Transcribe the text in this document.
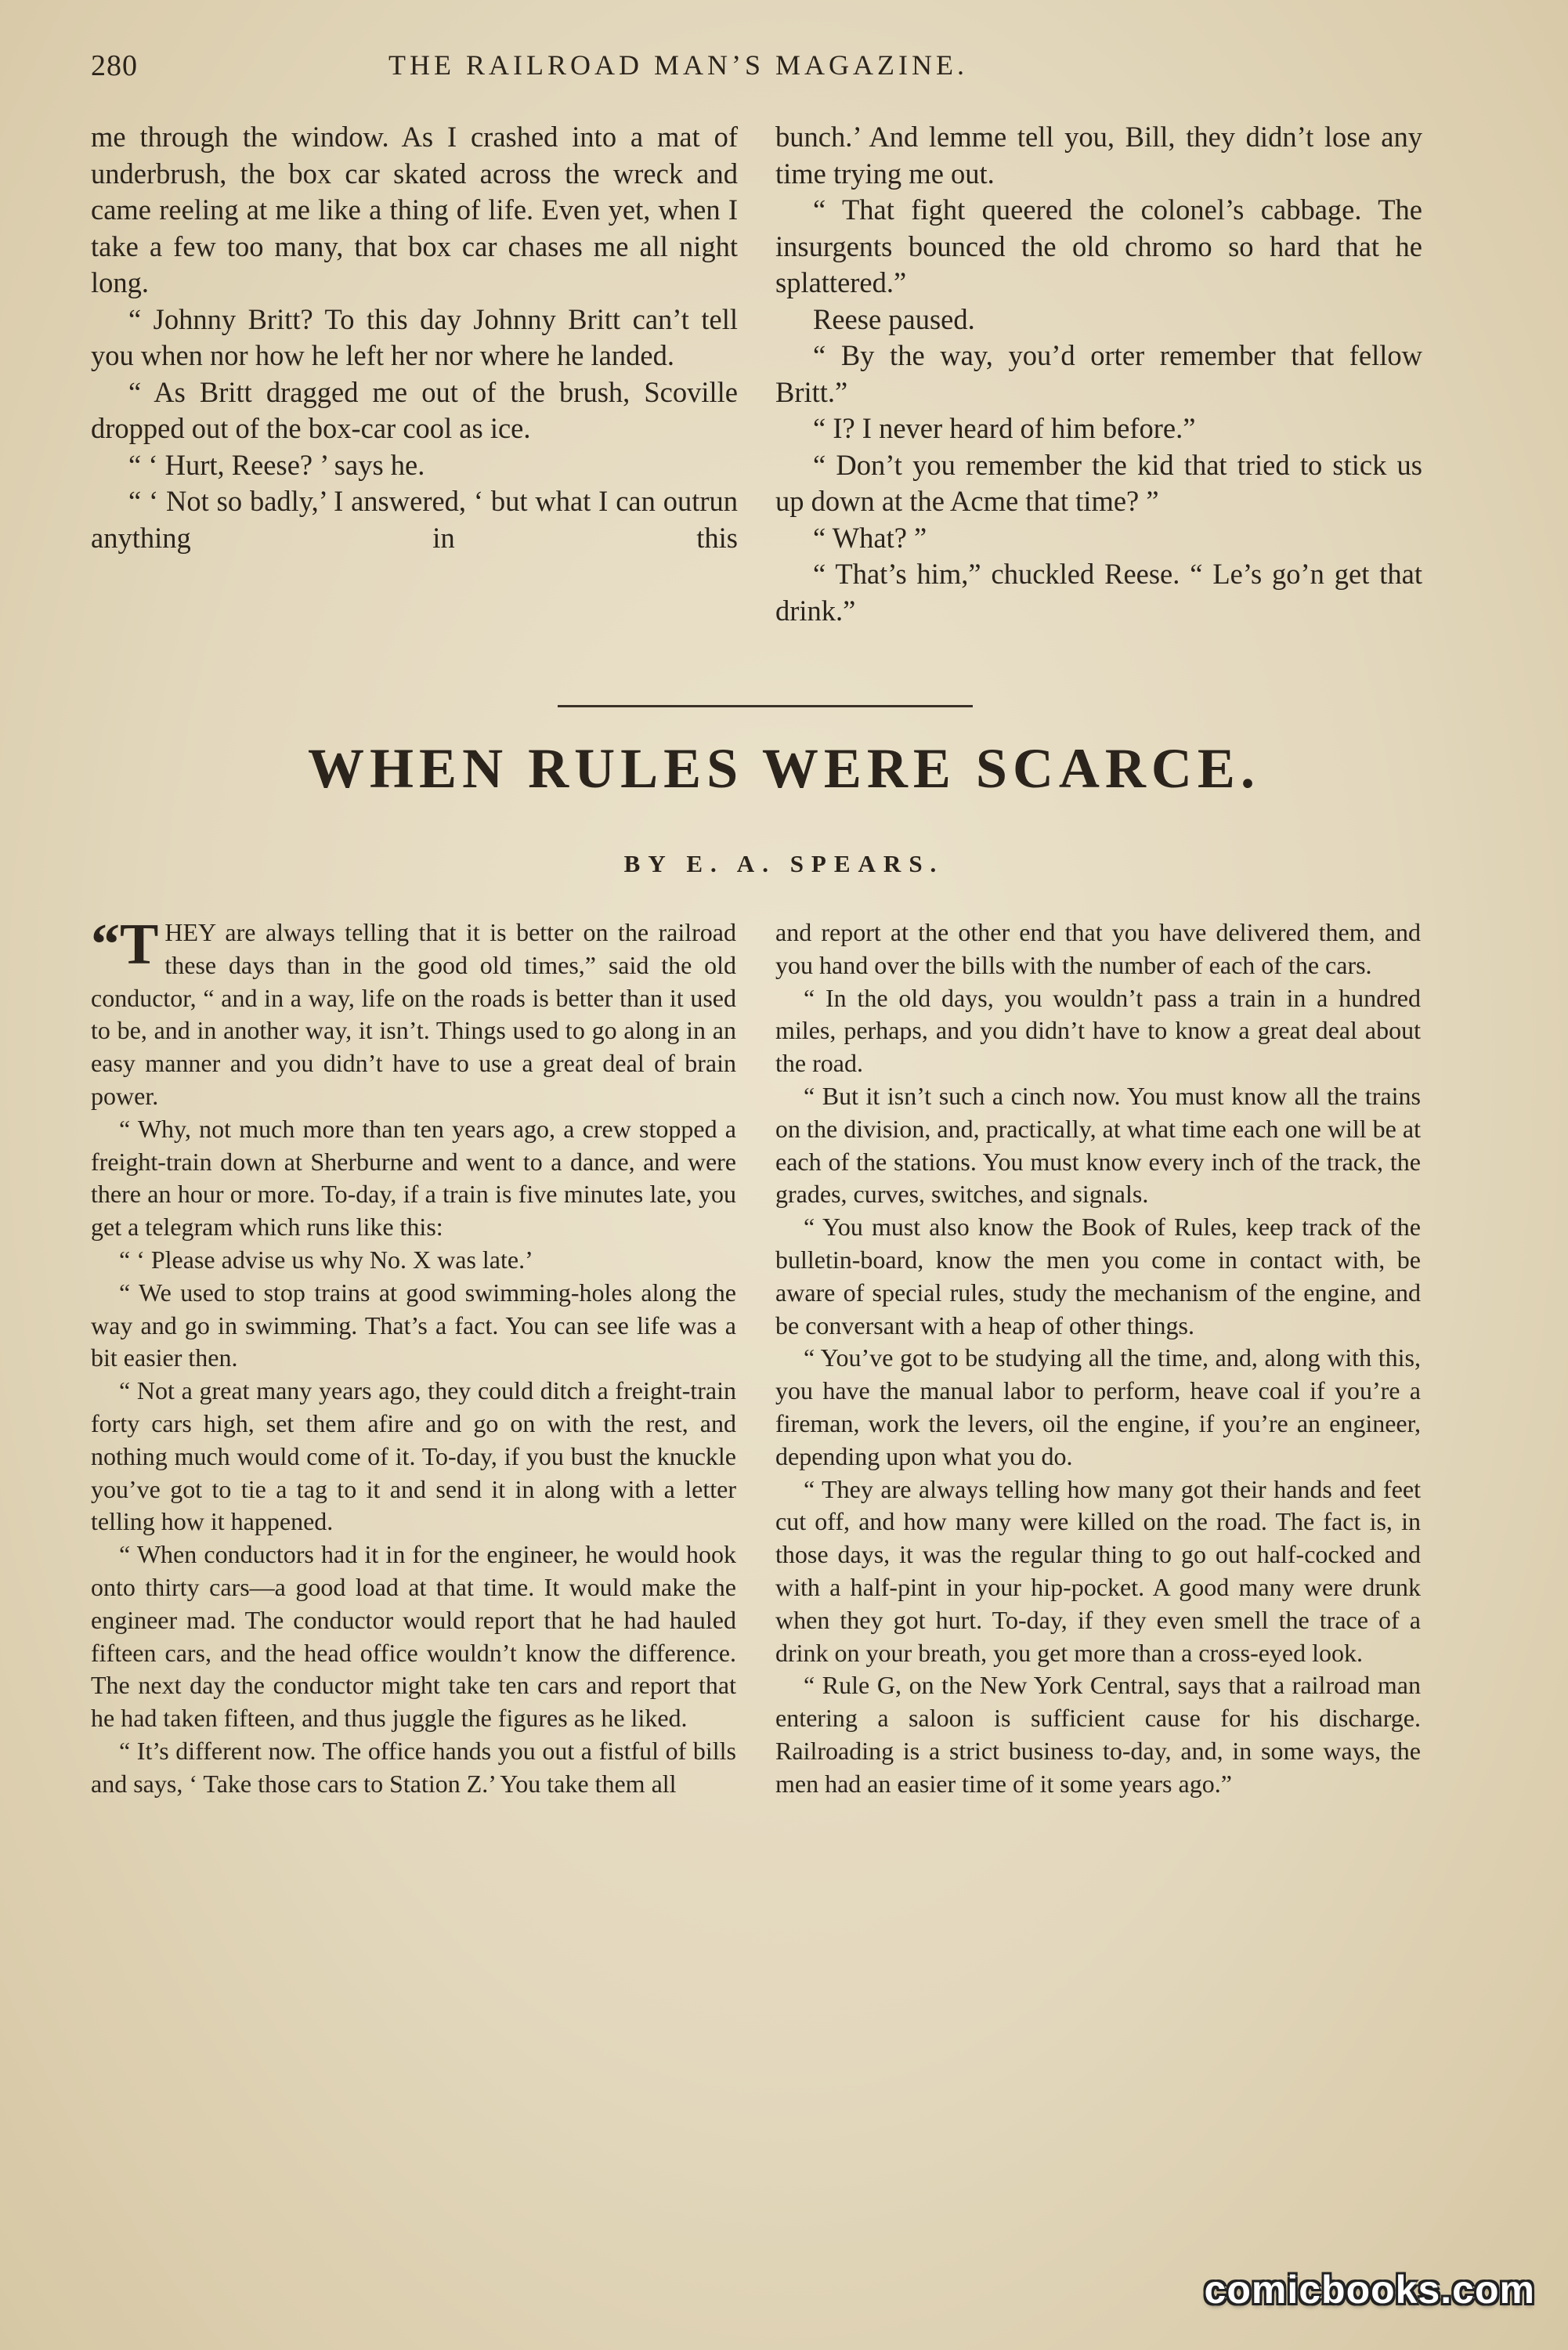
280	THE RAILROAD MAN’S MAGAZINE.

me through the window. As I crashed into a mat of underbrush, the box car skated across the wreck and came reeling at me like a thing of life. Even yet, when I take a few too many, that box car chases me all night long.

“ Johnny Britt? To this day Johnny Britt can’t tell you when nor how he left her nor where he landed.

“ As Britt dragged me out of the brush, Scoville dropped out of the box-car cool as ice.

“ ‘ Hurt, Reese? ’ says he.

“ ‘ Not so badly,’ I answered, ‘ but what I can outrun anything in this

bunch.’ And lemme tell you, Bill, they didn’t lose any time trying me out.

“ That fight queered the colonel’s cabbage. The insurgents bounced the old chromo so hard that he splattered.”

Reese paused.

“ By the way, you’d orter remember that fellow Britt.”

“ I? I never heard of him before.”

“ Don’t you remember the kid that tried to stick us up down at the Acme that time? ”

“ What? ”

“ That’s him,” chuckled Reese. “ Le’s go’n get that drink.”

WHEN RULES WERE SCARCE.
BY E. A. SPEARS.

“T HEY are always telling that it is better on the railroad these days than in the good old times,” said the old conductor, “ and in a way, life on the roads is better than it used to be, and in another way, it isn’t. Things used to go along in an easy manner and you didn’t have to use a great deal of brain power.

“ Why, not much more than ten years ago, a crew stopped a freight-train down at Sherburne and went to a dance, and were there an hour or more. To-day, if a train is five minutes late, you get a telegram which runs like this:

“ ‘ Please advise us why No. X was late.’

“ We used to stop trains at good swimming-holes along the way and go in swimming. That’s a fact. You can see life was a bit easier then.

“ Not a great many years ago, they could ditch a freight-train forty cars high, set them afire and go on with the rest, and nothing much would come of it. To-day, if you bust the knuckle you’ve got to tie a tag to it and send it in along with a letter telling how it happened.

“ When conductors had it in for the engineer, he would hook onto thirty cars—a good load at that time. It would make the engineer mad. The conductor would report that he had hauled fifteen cars, and the head office wouldn’t know the difference. The next day the conductor might take ten cars and report that he had taken fifteen, and thus juggle the figures as he liked.

“ It’s different now. The office hands you out a fistful of bills and says, ‘ Take those cars to Station Z.’ You take them all

and report at the other end that you have delivered them, and you hand over the bills with the number of each of the cars.

“ In the old days, you wouldn’t pass a train in a hundred miles, perhaps, and you didn’t have to know a great deal about the road.

“ But it isn’t such a cinch now. You must know all the trains on the division, and, practically, at what time each one will be at each of the stations. You must know every inch of the track, the grades, curves, switches, and signals.

“ You must also know the Book of Rules, keep track of the bulletin-board, know the men you come in contact with, be aware of special rules, study the mechanism of the engine, and be conversant with a heap of other things.

“ You’ve got to be studying all the time, and, along with this, you have the manual labor to perform, heave coal if you’re a fireman, work the levers, oil the engine, if you’re an engineer, depending upon what you do.

“ They are always telling how many got their hands and feet cut off, and how many were killed on the road. The fact is, in those days, it was the regular thing to go out half-cocked and with a half-pint in your hip-pocket. A good many were drunk when they got hurt. To-day, if they even smell the trace of a drink on your breath, you get more than a cross-eyed look.

“ Rule G, on the New York Central, says that a railroad man entering a saloon is sufficient cause for his discharge. Railroading is a strict business to-day, and, in some ways, the men had an easier time of it some years ago.”

comicbooks.com
